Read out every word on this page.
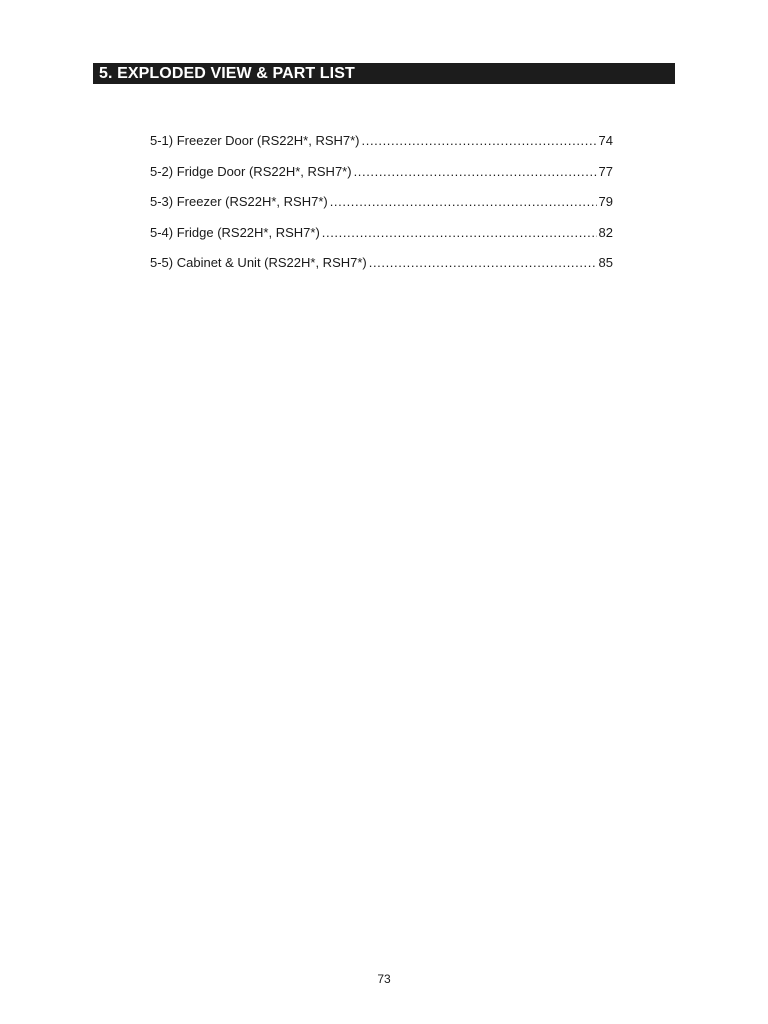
5. EXPLODED VIEW & PART LIST
5-1) Freezer Door (RS22H*, RSH7*) .....	74
5-2) Fridge Door (RS22H*, RSH7*) .....	77
5-3) Freezer (RS22H*, RSH7*) .....	79
5-4) Fridge (RS22H*, RSH7*) .....	82
5-5) Cabinet & Unit (RS22H*, RSH7*) .....	85
73
